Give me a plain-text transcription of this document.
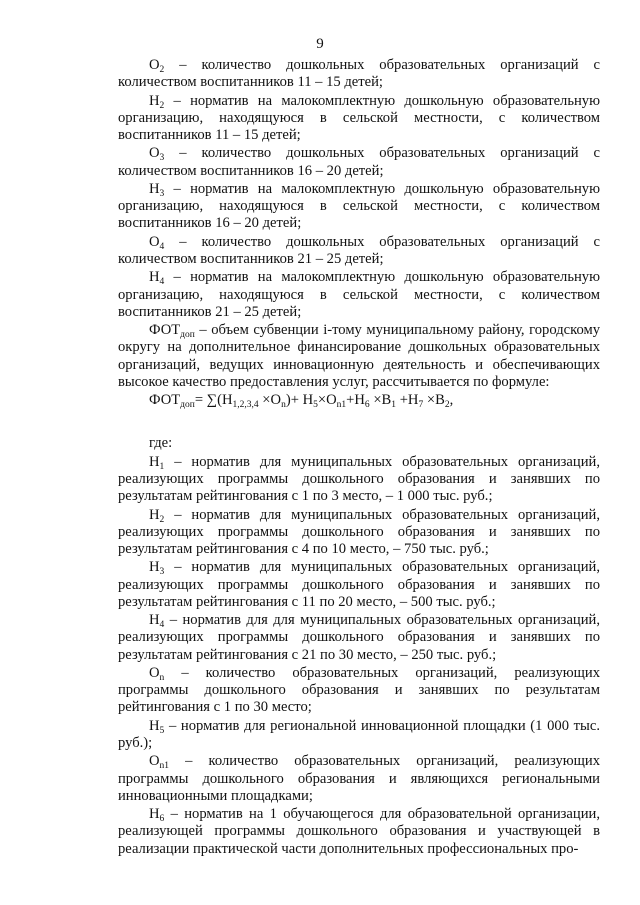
9

$O_2$ – количество дошкольных образовательных организаций с количеством воспитанников 11 – 15 детей;

$Н_2$ – норматив на малокомплектную дошкольную образовательную организацию, находящуюся в сельской местности, с количеством воспитанников 11 – 15 детей;

$O_3$ – количество дошкольных образовательных организаций с количеством воспитанников 16 – 20 детей;

$Н_3$ – норматив на малокомплектную дошкольную образовательную организацию, находящуюся в сельской местности, с количеством воспитанников 16 – 20 детей;

$O_4$ – количество дошкольных образовательных организаций с количеством воспитанников 21 – 25 детей;

$Н_4$ – норматив на малокомплектную дошкольную образовательную организацию, находящуюся в сельской местности, с количеством воспитанников 21 – 25 детей;

$ФОТ_{доп}$ – объем субвенции i-тому муниципальному району, городскому округу на дополнительное финансирование дошкольных образовательных организаций, ведущих инновационную деятельность и обеспечивающих высокое качество предоставления услуг, рассчитывается по формуле:

$ФОТ_{доп}= \sum(Н_{1,2,3,4} \times O_n)+ Н_5\times O_{n1}+Н_6 \times В_1 +Н_7 \times В_2$,

где:

$Н_1$ – норматив для муниципальных образовательных организаций, реализующих программы дошкольного образования и занявших по результатам рейтингования с 1 по 3 место, – 1 000 тыс. руб.;

$Н_2$ – норматив для муниципальных образовательных организаций, реализующих программы дошкольного образования и занявших по результатам рейтингования с 4 по 10 место, – 750 тыс. руб.;

$Н_3$ – норматив для муниципальных образовательных организаций, реализующих программы дошкольного образования и занявших по результатам рейтингования с 11 по 20 место, – 500 тыс. руб.;

$Н_4$ – норматив для для муниципальных образовательных организаций, реализующих программы дошкольного образования и занявших по результатам рейтингования с 21 по 30 место, – 250 тыс. руб.;

$O_n$ – количество образовательных организаций, реализующих программы дошкольного образования и занявших по результатам рейтингования с 1 по 30 место;

$Н_5$ – норматив для региональной инновационной площадки (1 000 тыс. руб.);

$O_{n1}$ – количество образовательных организаций, реализующих программы дошкольного образования и являющихся региональными инновационными площадками;

$Н_6$ – норматив на 1 обучающегося для образовательной организации, реализующей программы дошкольного образования и участвующей в реализации практической части дополнительных профессиональных про-
